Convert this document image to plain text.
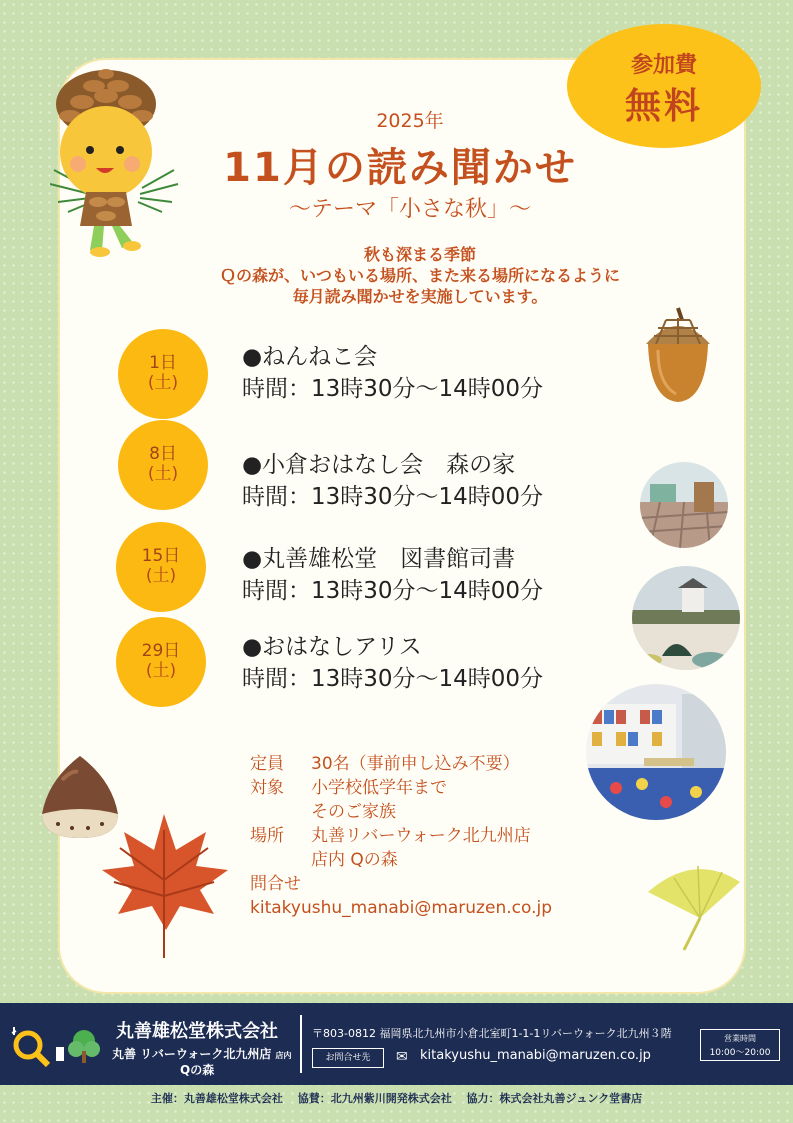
参加費
無料
2025年
11月の読み聞かせ
～テーマ「小さな秋」～
秋も深まる季節
Ｑの森が、いつもいる場所、また来る場所になるように
毎月読み聞かせを実施しています。
1日
(土)
●ねんねこ会
時間：13時30分～14時00分
8日
(土)	●小倉おはなし会　森の家
時間：13時30分～14時00分
15日
(土)
●丸善雄松堂　図書館司書
時間：13時30分～14時00分
29日
(土)
●おはなしアリス
時間：13時30分～14時00分
定員	30名（事前申し込み不要）
対象	小学校低学年まで
そのご家族
場所	丸善リバーウォーク北九州店
店内 Qの森
問合せ
kitakyushu_manabi@maruzen.co.jp
丸善雄松堂株式会社
丸善 リバーウォーク北九州店 店内
Qの森
〒803-0812 福岡県北九州市小倉北室町1-1-1リバーウォーク北九州３階
お問合せ先	✉ kitakyushu_manabi@maruzen.co.jp
営業時間
10:00～20:00
主催：丸善雄松堂株式会社　 協賛：北九州紫川開発株式会社　 協力：株式会社丸善ジュンク堂書店
